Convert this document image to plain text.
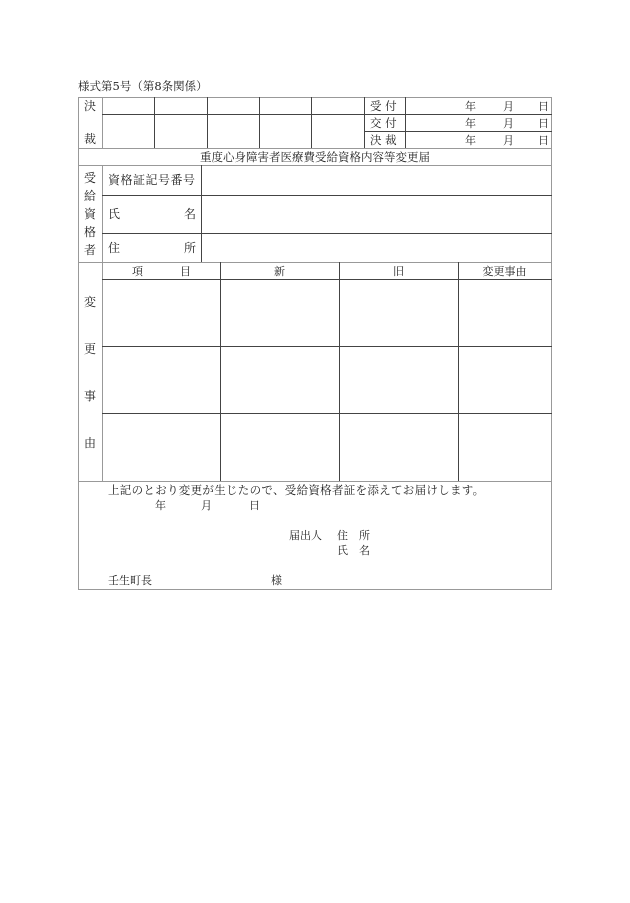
様式第5号（第8条関係）
決
裁
受 付	年 月 日
交 付	年 月 日
決 裁	年 月 日
重度心身障害者医療費受給資格内容等変更届
受
給
資
格
者
資格証記号番号
氏	名
住	所
変
更
事
由
項	目	新	旧	変更事由
上記のとおり変更が生じたので、受給資格者証を添えてお届けします。
年	月	日
届出人 住　所
氏　名
壬生町長	様
